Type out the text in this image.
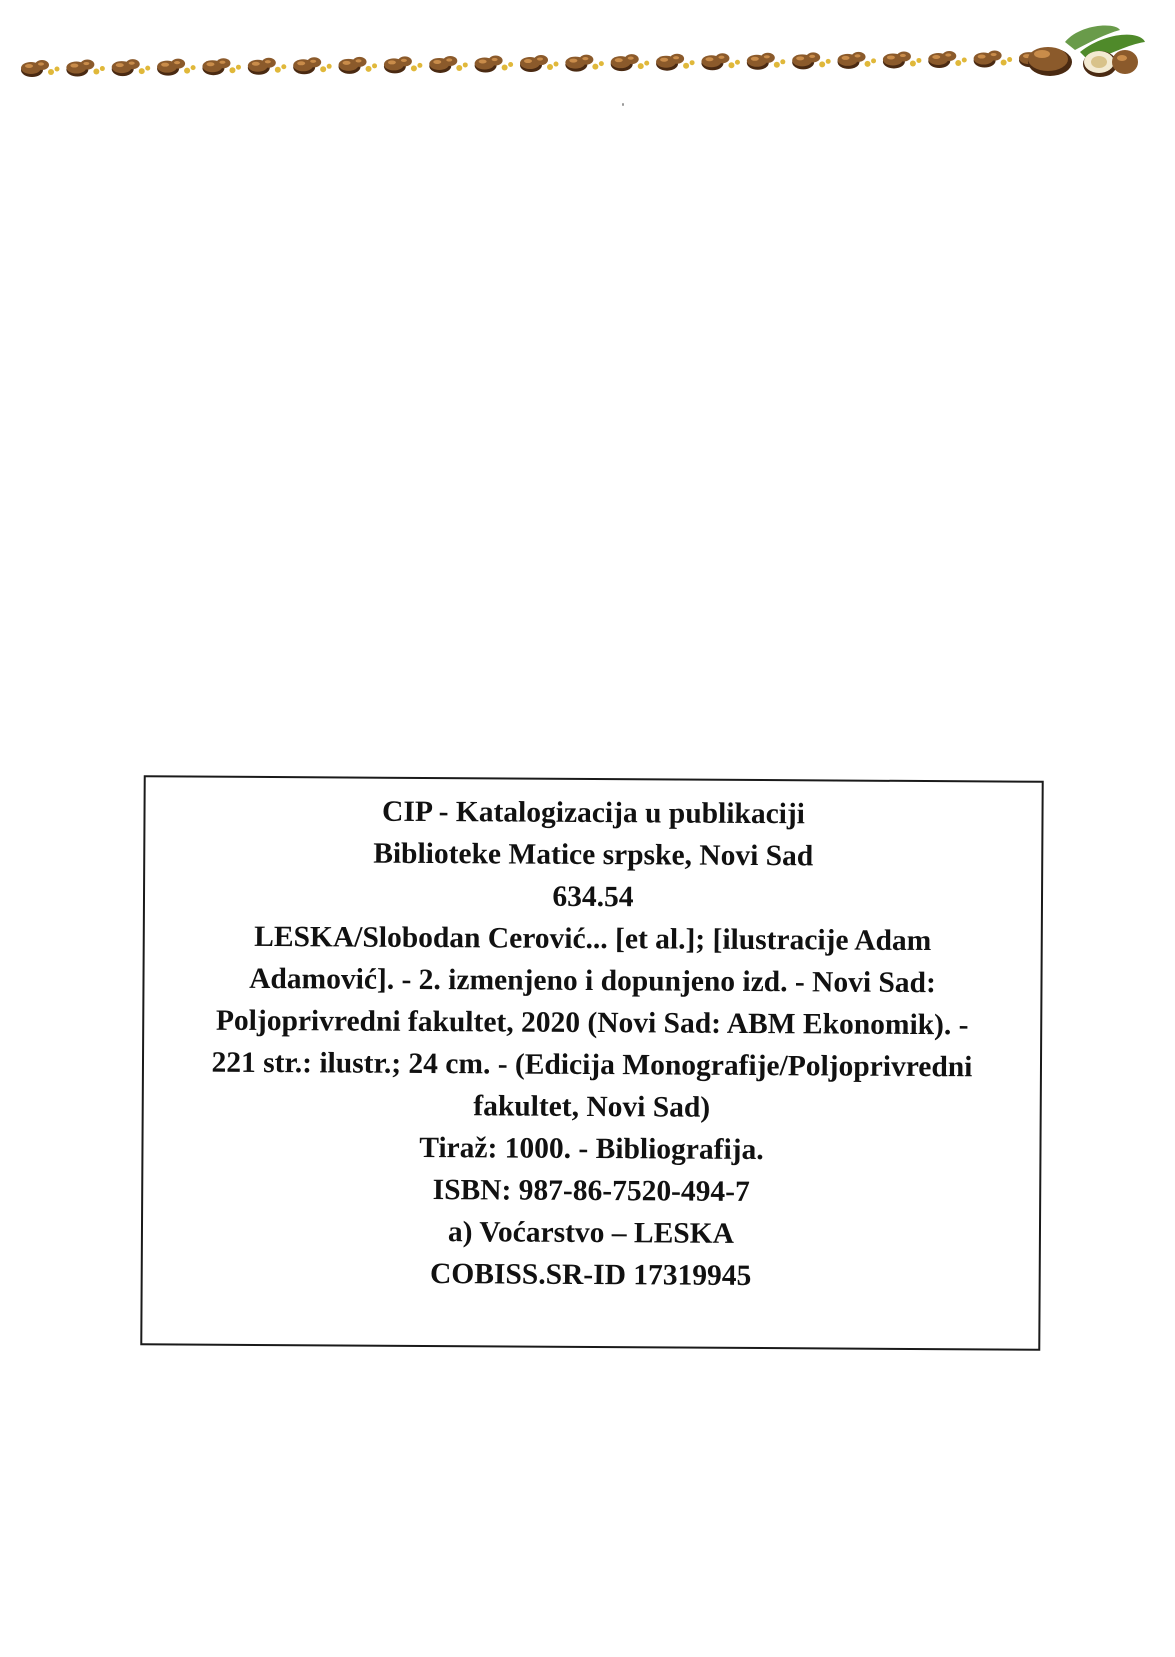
CIP - Katalogizacija u publikaciji
Biblioteke Matice srpske, Novi Sad
634.54
LESKA/Slobodan Cerović... [et al.]; [ilustracije Adam
Adamović]. - 2. izmenjeno i dopunjeno izd. - Novi Sad:
Poljoprivredni fakultet, 2020 (Novi Sad: ABM Ekonomik). -
221 str.: ilustr.; 24 cm. - (Edicija Monografije/Poljoprivredni
fakultet, Novi Sad)
Tiraž: 1000. - Bibliografija.
ISBN: 987-86-7520-494-7
a) Voćarstvo – LESKA
COBISS.SR-ID 17319945
